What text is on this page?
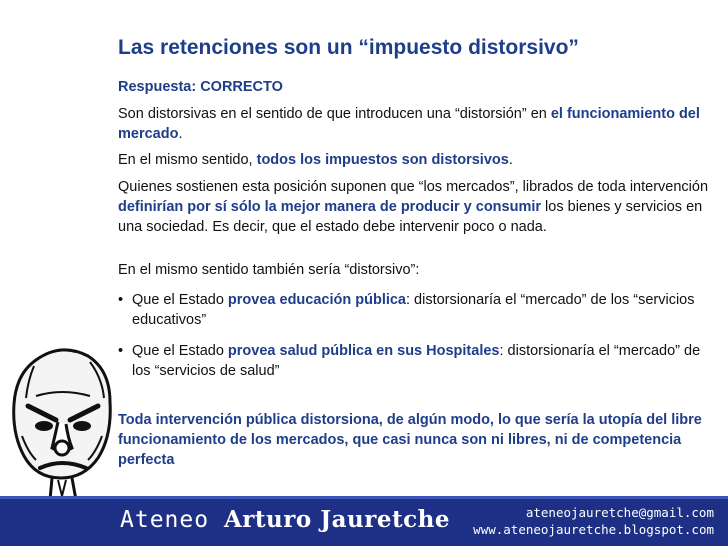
Las retenciones son un “impuesto distorsivo”
Respuesta: CORRECTO
Son distorsivas en el sentido de que introducen una “distorsión” en el funcionamiento del mercado.
En el mismo sentido, todos los impuestos son distorsivos.
Quienes sostienen esta posición suponen que “los mercados”, librados de toda intervención definirían por sí sólo la mejor manera de producir y consumir los bienes y servicios en una sociedad. Es decir, que el estado debe intervenir poco o nada.
En el mismo sentido también sería “distorsivo”:
• Que el Estado provea educación pública: distorsionaría el “mercado” de los “servicios educativos”
• Que el Estado provea salud pública en sus Hospitales: distorsionaría el “mercado” de los “servicios de salud”
Toda intervención pública distorsiona, de algún modo, lo que sería la utopía del libre funcionamiento de los mercados, que casi nunca son ni libres, ni de competencia perfecta
Ateneo Arturo Jauretche	ateneojauretche@gmail.com
www.ateneojauretche.blogspot.com
